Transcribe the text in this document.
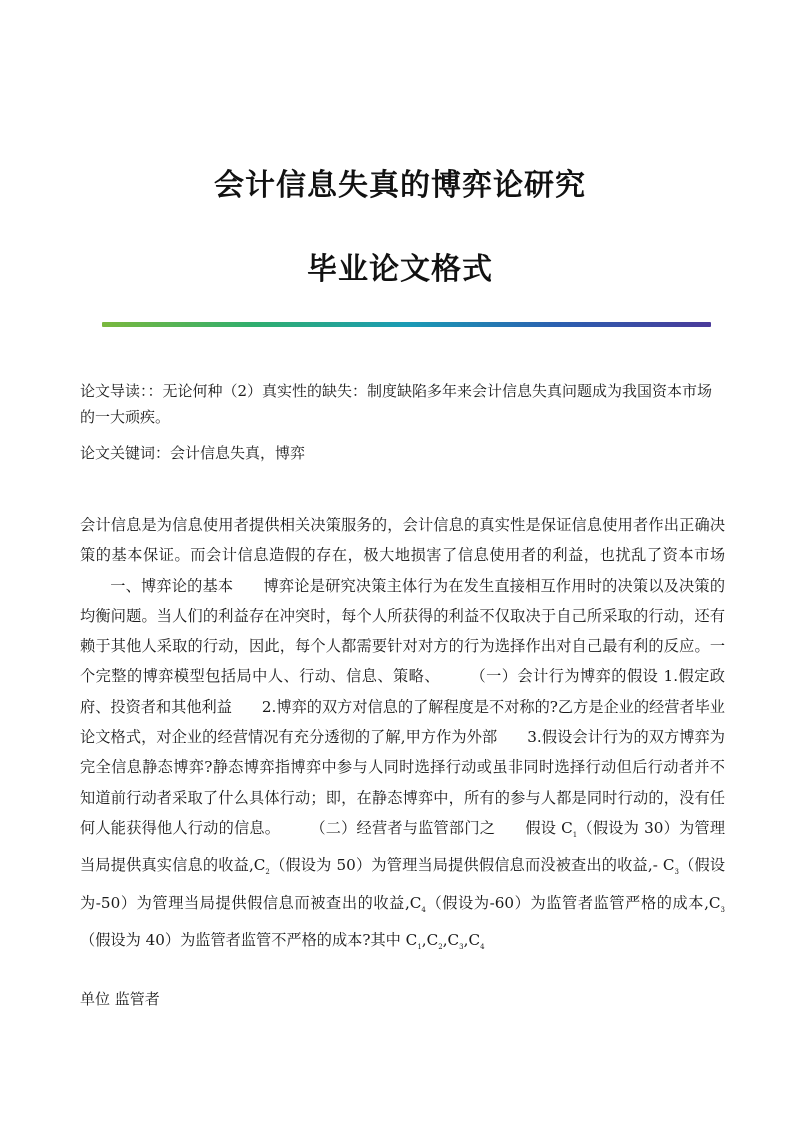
会计信息失真的博弈论研究
毕业论文格式
论文导读：：无论何种（2）真实性的缺失：制度缺陷多年来会计信息失真问题成为我国资本市场的一大顽疾。
论文关键词：会计信息失真，博弈

会计信息是为信息使用者提供相关决策服务的，会计信息的真实性是保证信息使用者作出正确决策的基本保证。而会计信息造假的存在，极大地损害了信息使用者的利益，也扰乱了资本市场一、博弈论的基本 博弈论是研究决策主体行为在发生直接相互作用时的决策以及决策的均衡问题。当人们的利益存在冲突时，每个人所获得的利益不仅取决于自己所采取的行动，还有赖于其他人采取的行动，因此，每个人都需要针对对方的行为选择作出对自己最有利的反应。一个完整的博弈模型包括局中人、行动、信息、策略、 （一）会计行为博弈的假设 1.假定政府、投资者和其他利益 2.博弈的双方对信息的了解程度是不对称的?乙方是企业的经营者毕业论文格式，对企业的经营情况有充分透彻的了解,甲方作为外部 3.假设会计行为的双方博弈为完全信息静态博弈?静态博弈指博弈中参与人同时选择行动或虽非同时选择行动但后行动者并不知道前行动者采取了什么具体行动；即，在静态博弈中，所有的参与人都是同时行动的，没有任何人能获得他人行动的信息。 （二）经营者与监管部门之 假设 $C_1$（假设为 30）为管理当局提供真实信息的收益$,C_2$（假设为 50）为管理当局提供假信息而没被查出的收益,- $C_3$（假设为-50）为管理当局提供假信息而被查出的收益$,C_4$（假设为-60）为监管者监管严格的成本$,C_3$（假设为 40）为监管者监管不严格的成本?其中 $C_1,C_2,C_3,C_4$

单位 监管者
